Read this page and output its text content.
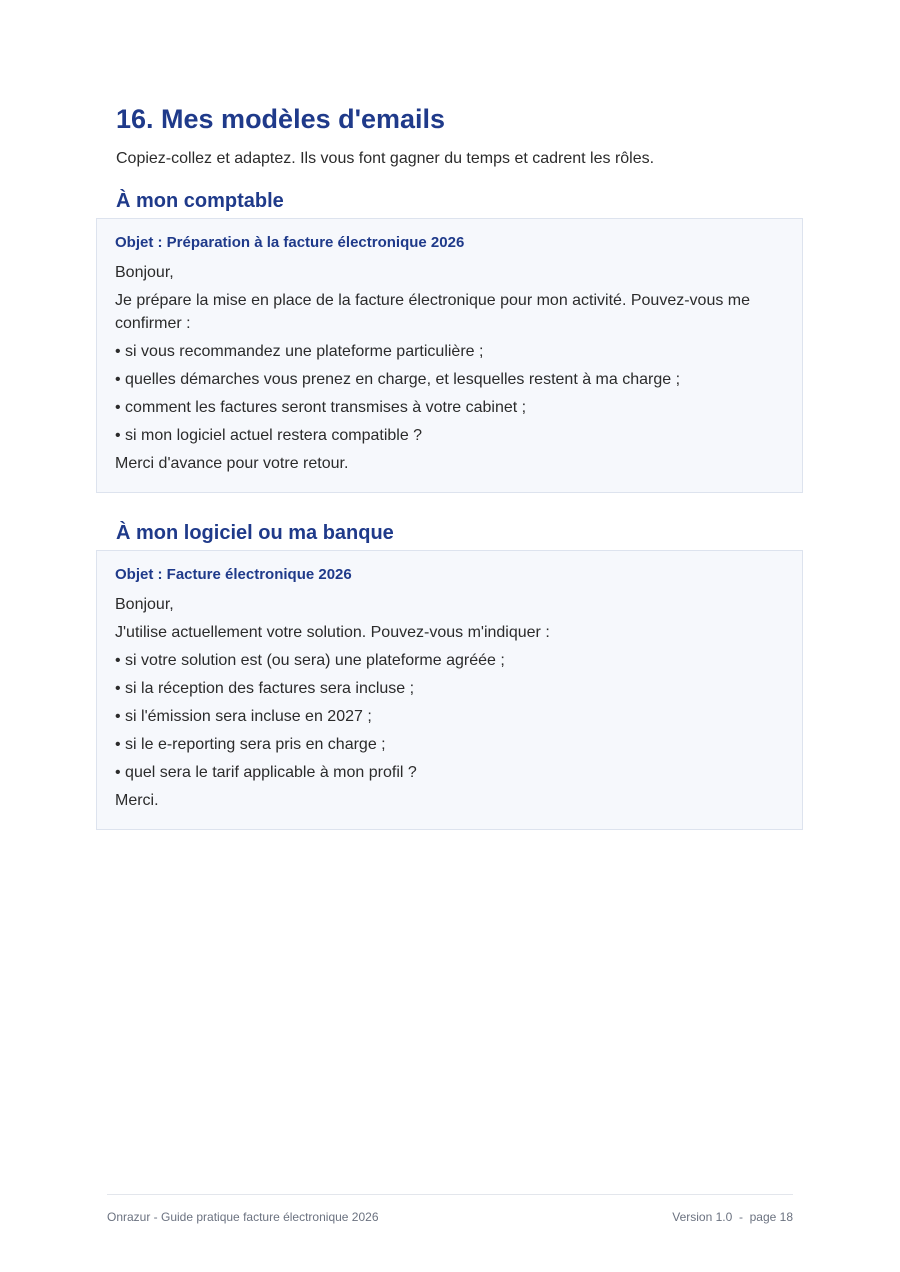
16. Mes modèles d'emails

Copiez-collez et adaptez. Ils vous font gagner du temps et cadrent les rôles.

À mon comptable

Objet : Préparation à la facture électronique 2026

Bonjour,

Je prépare la mise en place de la facture électronique pour mon activité. Pouvez-vous me confirmer :

• si vous recommandez une plateforme particulière ;

• quelles démarches vous prenez en charge, et lesquelles restent à ma charge ;

• comment les factures seront transmises à votre cabinet ;

• si mon logiciel actuel restera compatible ?

Merci d'avance pour votre retour.

À mon logiciel ou ma banque

Objet : Facture électronique 2026

Bonjour,

J'utilise actuellement votre solution. Pouvez-vous m'indiquer :

• si votre solution est (ou sera) une plateforme agréée ;

• si la réception des factures sera incluse ;

• si l'émission sera incluse en 2027 ;

• si le e-reporting sera pris en charge ;

• quel sera le tarif applicable à mon profil ?

Merci.

Onrazur - Guide pratique facture électronique 2026	Version 1.0  -  page 18
